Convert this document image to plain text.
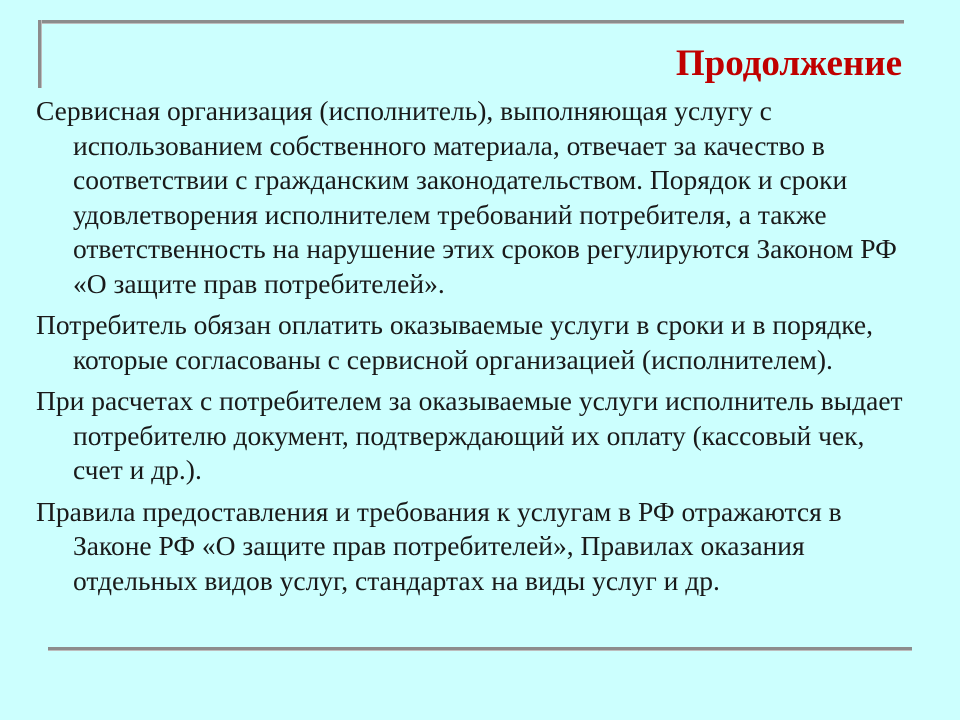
Продолжение

Сервисная организация (исполнитель), выполняющая услугу с использованием собственного материала, отвечает за качество в соответствии с гражданским законодательством. Порядок и сроки удовлетворения исполнителем требований потребителя, а также ответственность на нарушение этих сроков регулируются Законом РФ «О защите прав потребителей».

Потребитель обязан оплатить оказываемые услуги в сроки и в порядке, которые согласованы с сервисной организацией (исполнителем).

При расчетах с потребителем за оказываемые услуги исполнитель выдает потребителю документ, подтверждающий их оплату (кассовый чек, счет и др.).

Правила предоставления и требования к услугам в РФ отражаются в Законе РФ «О защите прав потребителей», Правилах оказания отдельных видов услуг, стандартах на виды услуг и др.
